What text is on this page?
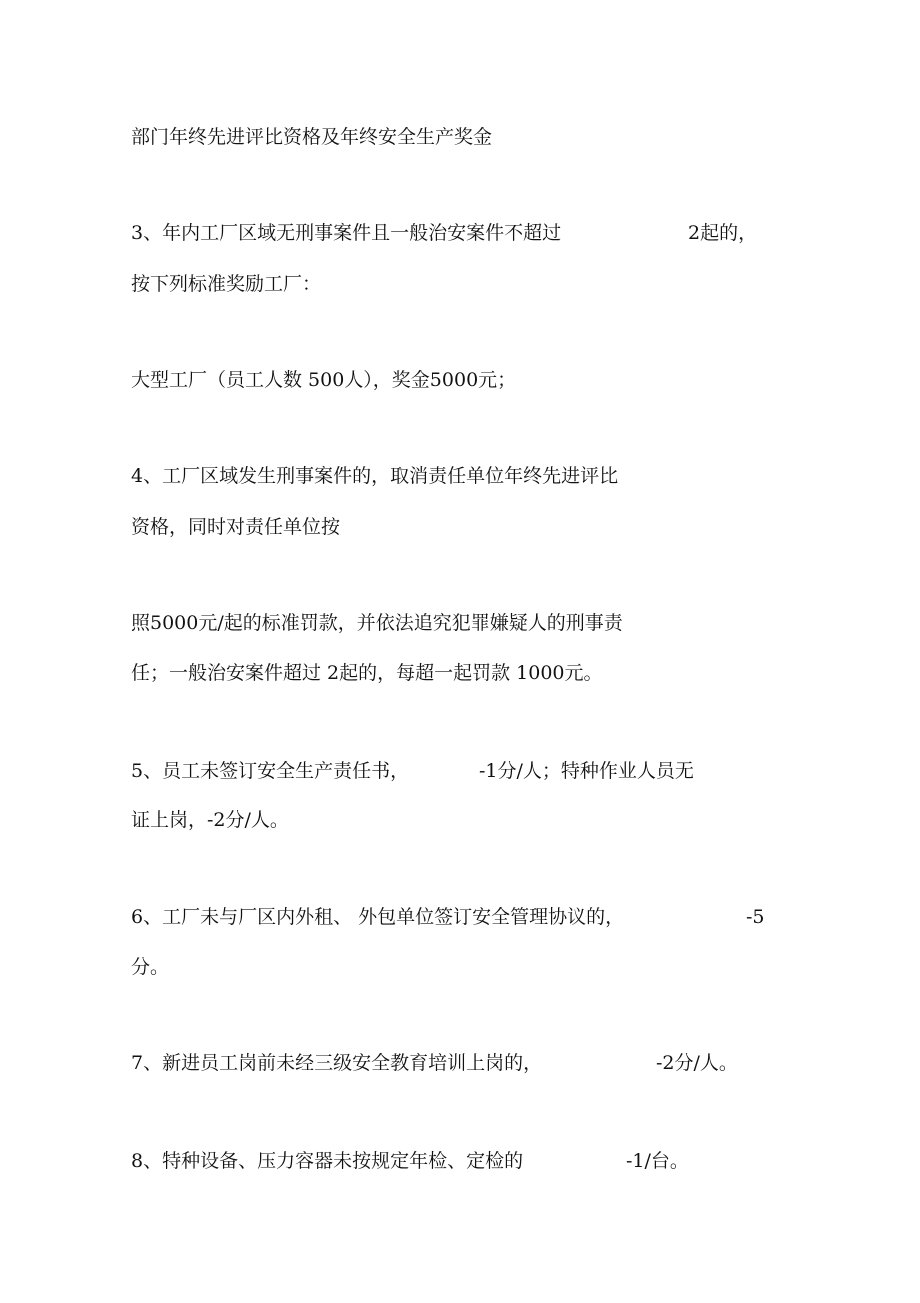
部门年终先进评比资格及年终安全生产奖金

3、年内工厂区域无刑事案件且一般治安案件不超过	2起的，

按下列标准奖励工厂：

大型工厂（员工人数 500人），奖金5000元；

4、工厂区域发生刑事案件的，取消责任单位年终先进评比

资格，同时对责任单位按

照5000元/起的标准罚款，并依法追究犯罪嫌疑人的刑事责

任；一般治安案件超过 2起的，每超一起罚款 1000元。

5、员工未签订安全生产责任书，	-1分/人；特种作业人员无

证上岗，-2分/人。

6、工厂未与厂区内外租、 外包单位签订安全管理协议的，	-5

分。

7、新进员工岗前未经三级安全教育培训上岗的，	-2分/人。

8、特种设备、压力容器未按规定年检、定检的	-1/台。
